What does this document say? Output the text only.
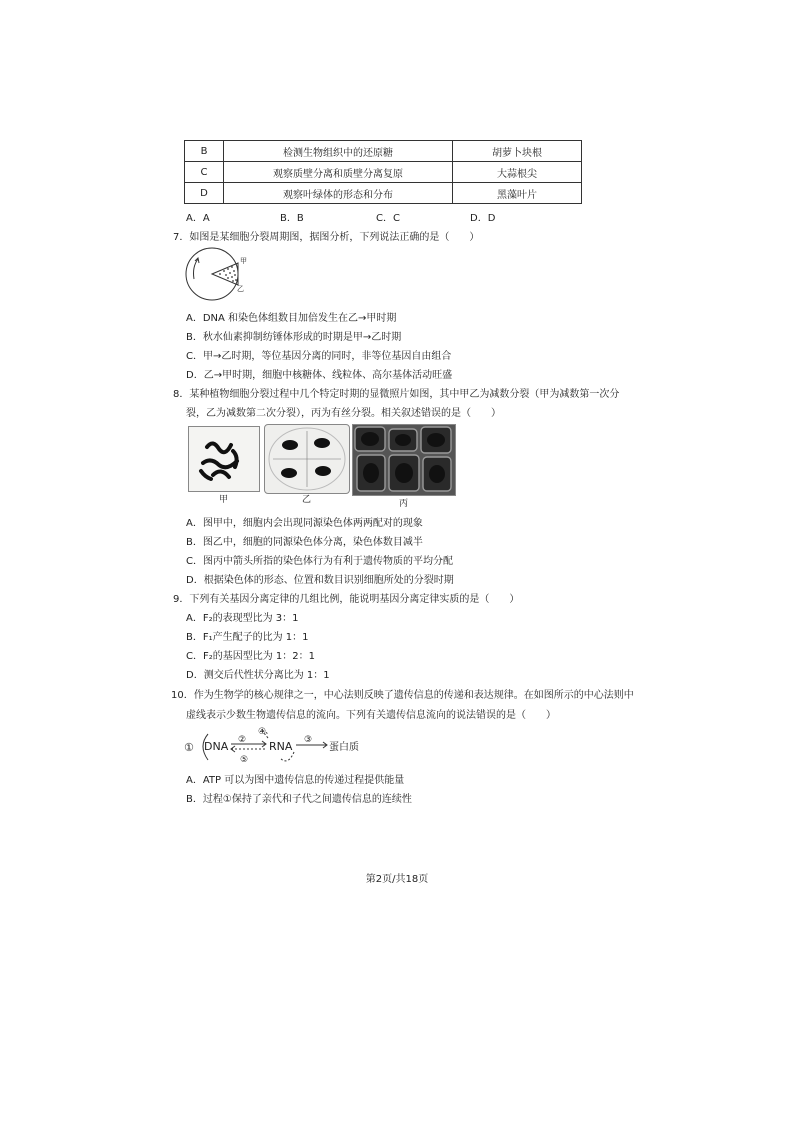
B	检测生物组织中的还原糖	胡萝卜块根
C	观察质壁分离和质壁分离复原	大蒜根尖
D	观察叶绿体的形态和分布	黑藻叶片
A．A	B．B	C．C	D．D
7．如图是某细胞分裂周期图，据图分析，下列说法正确的是（　　）
甲
乙
A．DNA 和染色体组数目加倍发生在乙→甲时期
B．秋水仙素抑制纺锤体形成的时期是甲→乙时期
C．甲→乙时期，等位基因分离的同时，非等位基因自由组合
D．乙→甲时期，细胞中核糖体、线粒体、高尔基体活动旺盛
8．某种植物细胞分裂过程中几个特定时期的显微照片如图，其中甲乙为减数分裂（甲为减数第一次分
裂，乙为减数第二次分裂），丙为有丝分裂。相关叙述错误的是（　　）
甲	乙	丙
A．图甲中，细胞内会出现同源染色体两两配对的现象
B．图乙中，细胞的同源染色体分离，染色体数目减半
C．图丙中箭头所指的染色体行为有利于遗传物质的平均分配
D．根据染色体的形态、位置和数目识别细胞所处的分裂时期
9．下列有关基因分离定律的几组比例，能说明基因分离定律实质的是（　　）
A．F₂的表现型比为 3：1
B．F₁产生配子的比为 1：1
C．F₂的基因型比为 1：2：1
D．测交后代性状分离比为 1：1
10．作为生物学的核心规律之一，中心法则反映了遗传信息的传递和表达规律。在如图所示的中心法则中
虚线表示少数生物遗传信息的流向。下列有关遗传信息流向的说法错误的是（　　）
① DNA	RNA	蛋白质
②
④
⑤
③
A．ATP 可以为图中遗传信息的传递过程提供能量
B．过程①保持了亲代和子代之间遗传信息的连续性
第2页/共18页
